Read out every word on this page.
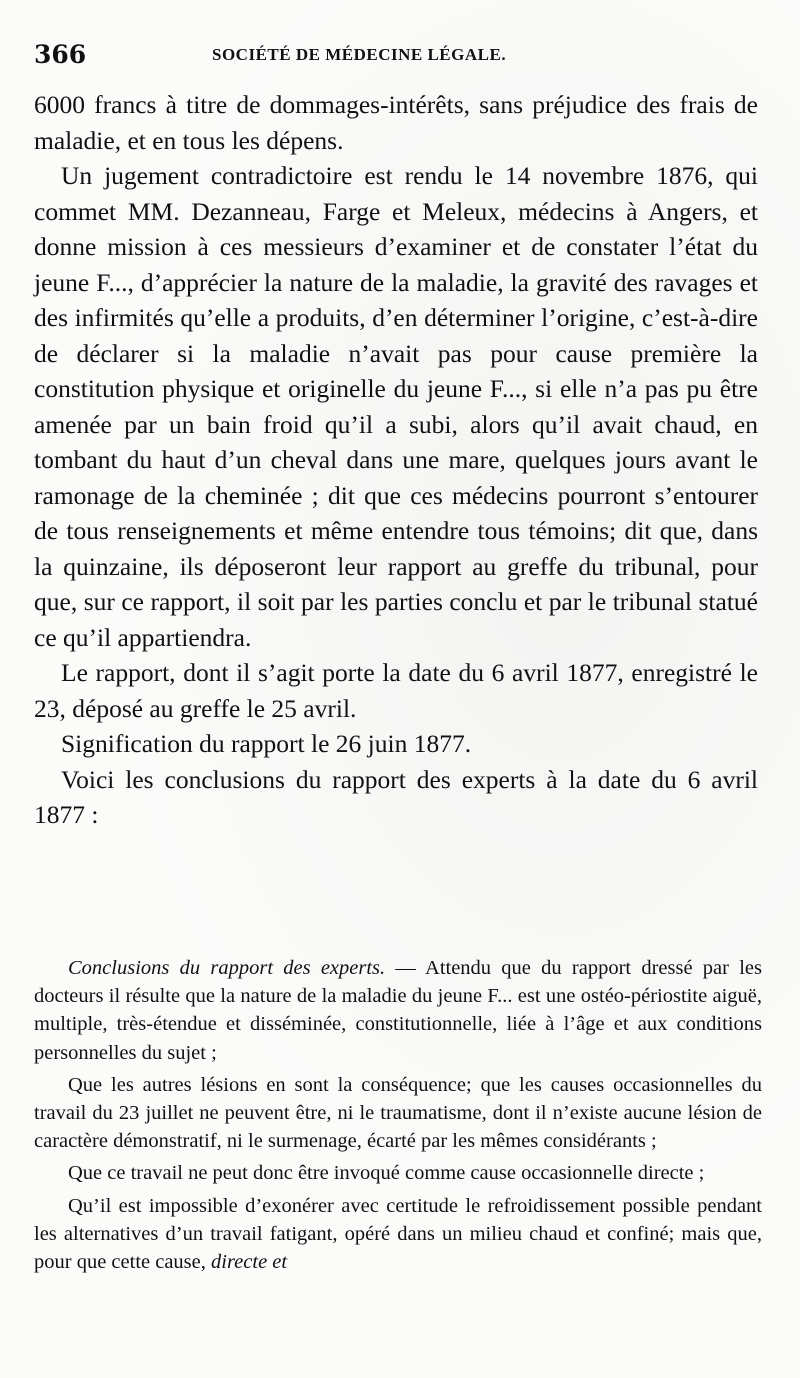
366	SOCIÉTÉ DE MÉDECINE LÉGALE.

6000 francs à titre de dommages-intérêts, sans préjudice des frais de maladie, et en tous les dépens.

Un jugement contradictoire est rendu le 14 novembre 1876, qui commet MM. Dezanneau, Farge et Meleux, médecins à Angers, et donne mission à ces messieurs d’examiner et de constater l’état du jeune F..., d’apprécier la nature de la maladie, la gravité des ravages et des infirmités qu’elle a produits, d’en déterminer l’origine, c’est-à-dire de déclarer si la maladie n’avait pas pour cause première la constitution physique et originelle du jeune F..., si elle n’a pas pu être amenée par un bain froid qu’il a subi, alors qu’il avait chaud, en tombant du haut d’un cheval dans une mare, quelques jours avant le ramonage de la cheminée ; dit que ces médecins pourront s’entourer de tous renseignements et même entendre tous témoins; dit que, dans la quinzaine, ils déposeront leur rapport au greffe du tribunal, pour que, sur ce rapport, il soit par les parties conclu et par le tribunal statué ce qu’il appartiendra.

Le rapport, dont il s’agit porte la date du 6 avril 1877, enregistré le 23, déposé au greffe le 25 avril.

Signification du rapport le 26 juin 1877.

Voici les conclusions du rapport des experts à la date du 6 avril 1877 :

Conclusions du rapport des experts. — Attendu que du rapport dressé par les docteurs il résulte que la nature de la maladie du jeune F... est une ostéo-périostite aiguë, multiple, très-étendue et disséminée, constitutionnelle, liée à l’âge et aux conditions personnelles du sujet ;

Que les autres lésions en sont la conséquence; que les causes occasionnelles du travail du 23 juillet ne peuvent être, ni le traumatisme, dont il n’existe aucune lésion de caractère démonstratif, ni le surmenage, écarté par les mêmes considérants ;

Que ce travail ne peut donc être invoqué comme cause occasionnelle directe ;

Qu’il est impossible d’exonérer avec certitude le refroidissement possible pendant les alternatives d’un travail fatigant, opéré dans un milieu chaud et confiné; mais que, pour que cette cause, directe et
